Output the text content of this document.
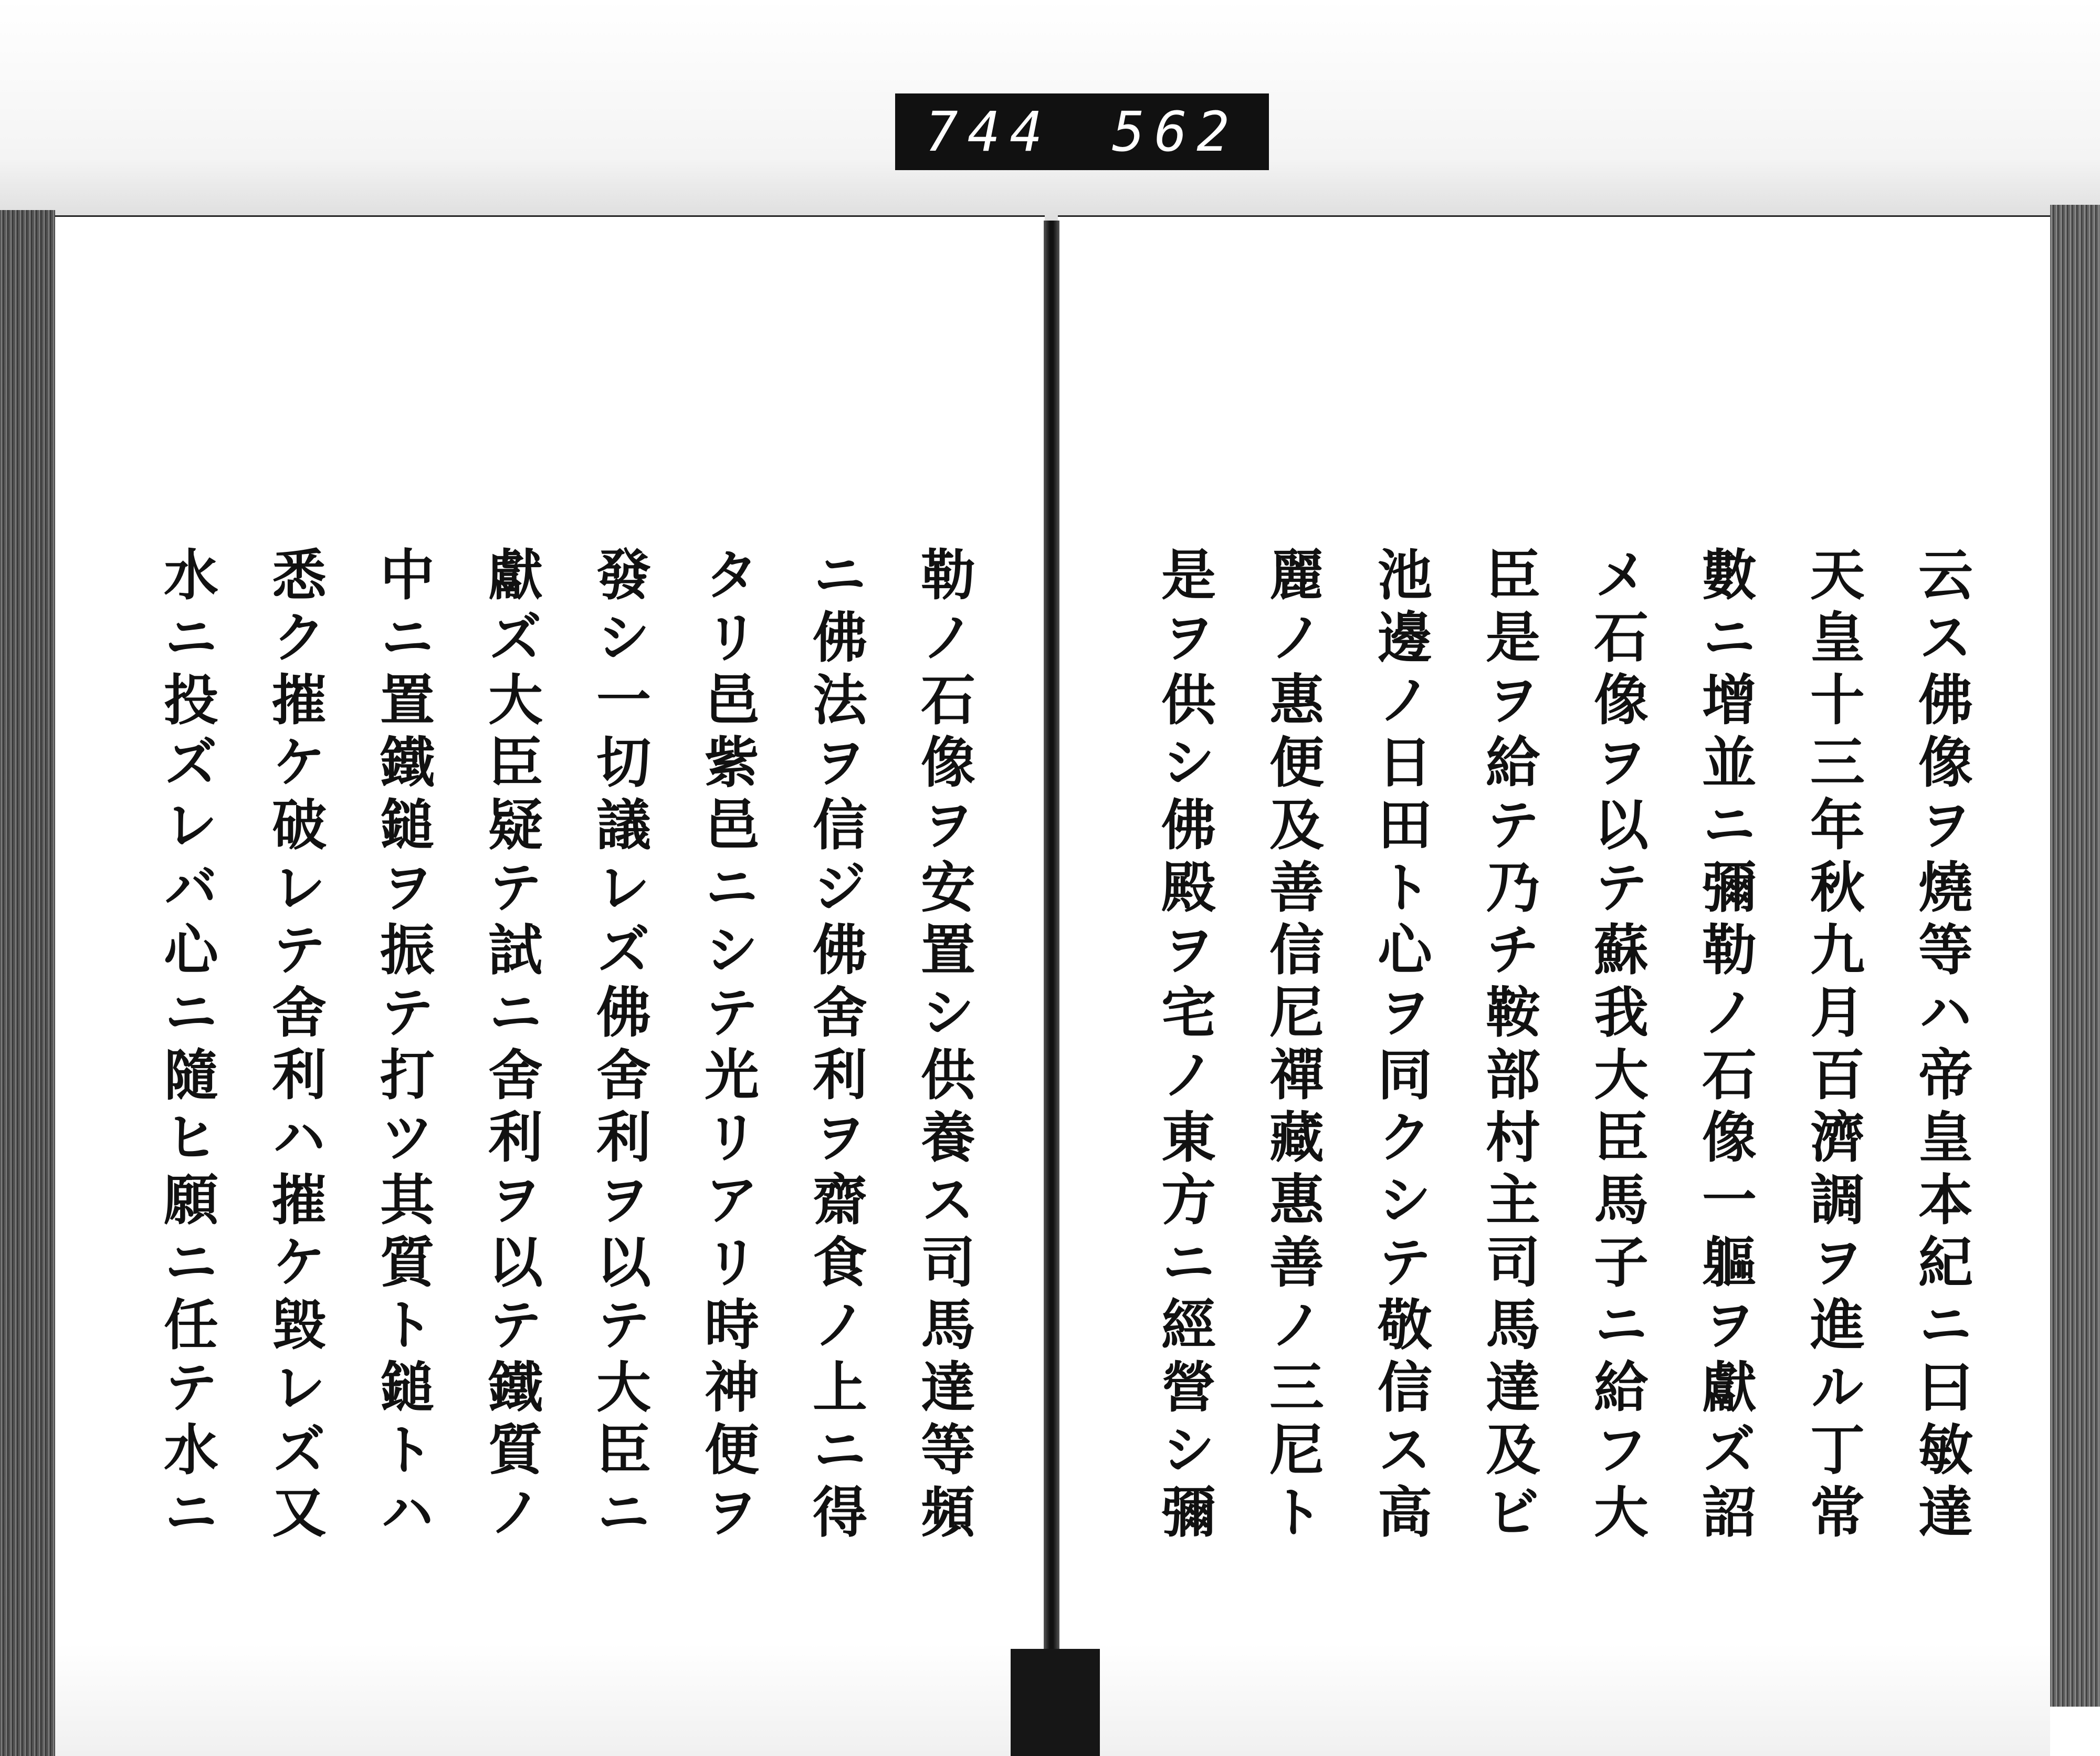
744 562
云ス佛像ヲ燒等ハ帝皇本紀ニ曰敏達
天皇十三年秋九月百濟調ヲ進ル丁常
數ニ增並ニ彌勒ノ石像一軀ヲ獻ズ詔
メ石像ヲ以テ蘇我大臣馬子ニ給フ大
臣是ヲ給テ乃チ鞍部村主司馬達及ビ
池邊ノ日田ト心ヲ同クシテ敬信ス高
麗ノ惠便及善信尼禪藏惠善ノ三尼ト
是ヲ供シ佛殿ヲ宅ノ東方ニ經營シ彌
勒ノ石像ヲ安置シ供養ス司馬達等頻
ニ佛法ヲ信ジ佛舍利ヲ齋食ノ上ニ得
タリ邑紫邑ニシテ光リアリ時神便ヲ
發シ一切議レズ佛舍利ヲ以テ大臣ニ
獻ズ大臣疑テ試ニ舍利ヲ以テ鐵質ノ
中ニ置鐵鎚ヲ振テ打ツ其質ト鎚トハ
悉ク摧ケ破レテ舍利ハ摧ケ毀レズ又
水ニ投ズレバ心ニ隨ヒ願ニ任テ水ニ
